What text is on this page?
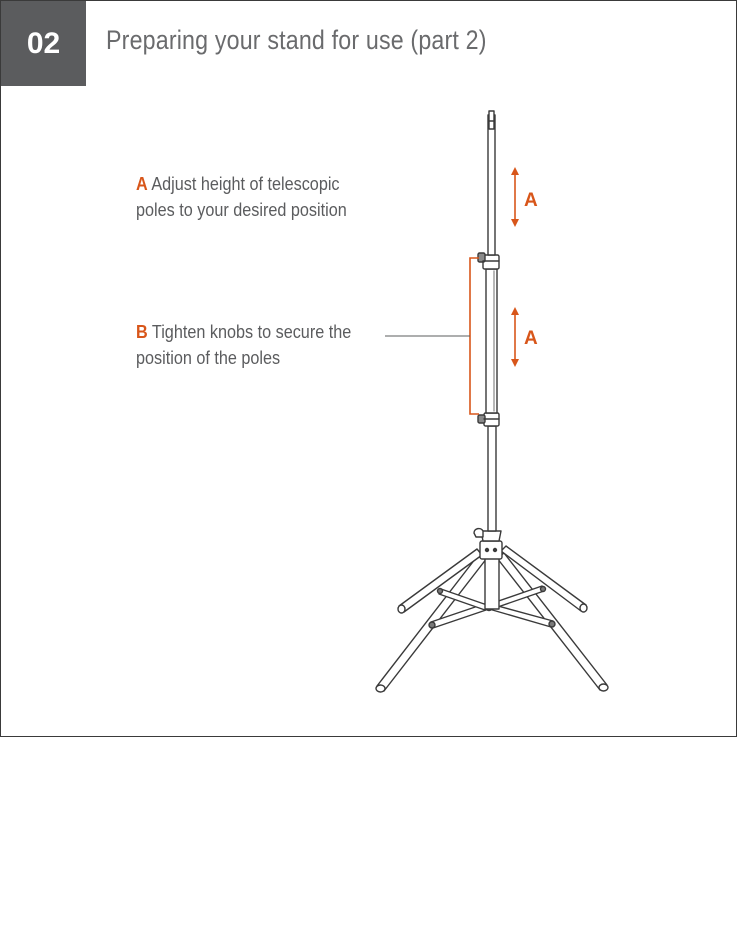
02	Preparing your stand for use (part 2)
A Adjust height of telescopic
poles to your desired position
B Tighten knobs to secure the
position of the poles
A
A
